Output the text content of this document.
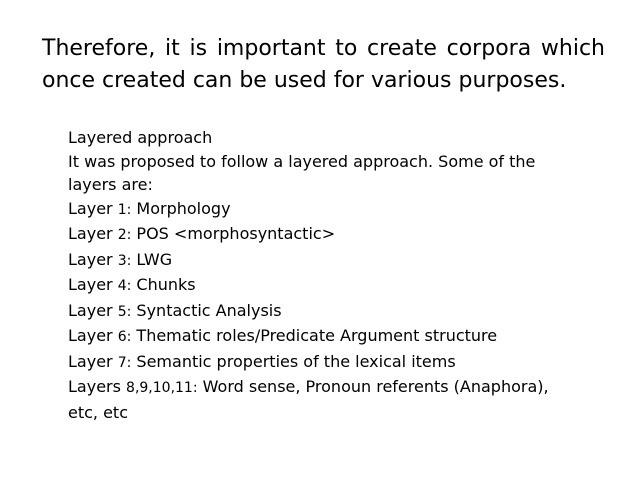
Therefore, it is important to create corpora which
once created can be used for various purposes.
Layered approach
It was proposed to follow a layered approach. Some of the
layers are:
Layer 1: Morphology
Layer 2: POS <morphosyntactic>
Layer 3: LWG
Layer 4: Chunks
Layer 5: Syntactic Analysis
Layer 6: Thematic roles/Predicate Argument structure
Layer 7: Semantic properties of the lexical items
Layers 8,9,10,11: Word sense, Pronoun referents (Anaphora),
etc, etc
